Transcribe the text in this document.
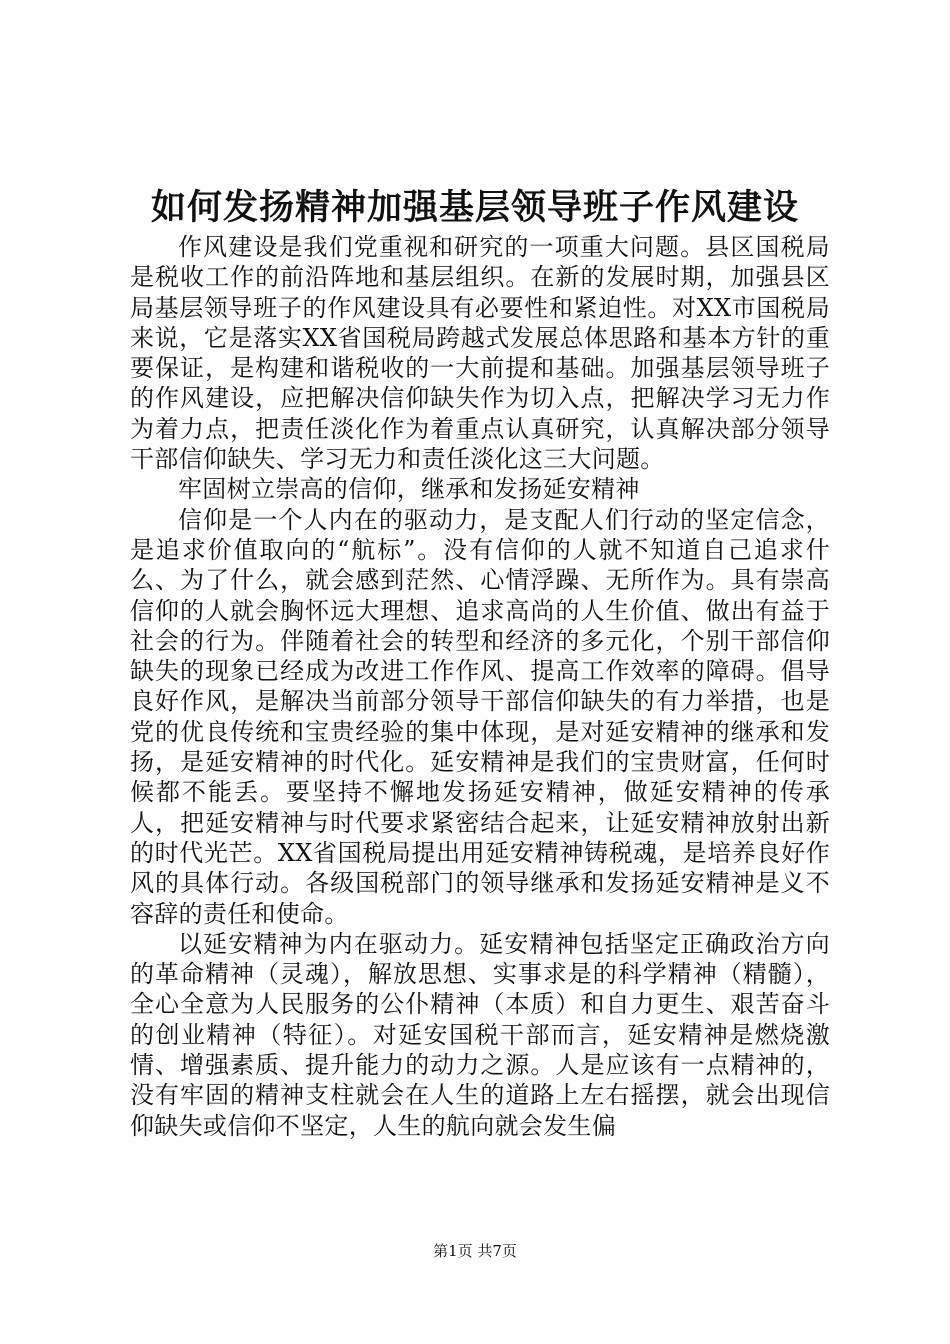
如何发扬精神加强基层领导班子作风建设

作风建设是我们党重视和研究的一项重大问题。县区国税局是税收工作的前沿阵地和基层组织。在新的发展时期，加强县区局基层领导班子的作风建设具有必要性和紧迫性。对XX市国税局来说，它是落实XX省国税局跨越式发展总体思路和基本方针的重要保证，是构建和谐税收的一大前提和基础。加强基层领导班子的作风建设，应把解决信仰缺失作为切入点，把解决学习无力作为着力点，把责任淡化作为着重点认真研究，认真解决部分领导干部信仰缺失、学习无力和责任淡化这三大问题。

牢固树立崇高的信仰，继承和发扬延安精神

信仰是一个人内在的驱动力，是支配人们行动的坚定信念，是追求价值取向的“航标”。没有信仰的人就不知道自己追求什么、为了什么，就会感到茫然、心情浮躁、无所作为。具有崇高信仰的人就会胸怀远大理想、追求高尚的人生价值、做出有益于社会的行为。伴随着社会的转型和经济的多元化，个别干部信仰缺失的现象已经成为改进工作作风、提高工作效率的障碍。倡导良好作风，是解决当前部分领导干部信仰缺失的有力举措，也是党的优良传统和宝贵经验的集中体现，是对延安精神的继承和发扬，是延安精神的时代化。延安精神是我们的宝贵财富，任何时候都不能丢。要坚持不懈地发扬延安精神，做延安精神的传承人，把延安精神与时代要求紧密结合起来，让延安精神放射出新的时代光芒。XX省国税局提出用延安精神铸税魂，是培养良好作风的具体行动。各级国税部门的领导继承和发扬延安精神是义不容辞的责任和使命。

以延安精神为内在驱动力。延安精神包括坚定正确政治方向的革命精神（灵魂），解放思想、实事求是的科学精神（精髓），全心全意为人民服务的公仆精神（本质）和自力更生、艰苦奋斗的创业精神（特征）。对延安国税干部而言，延安精神是燃烧激情、增强素质、提升能力的动力之源。人是应该有一点精神的，没有牢固的精神支柱就会在人生的道路上左右摇摆，就会出现信仰缺失或信仰不坚定，人生的航向就会发生偏

第1页 共7页
